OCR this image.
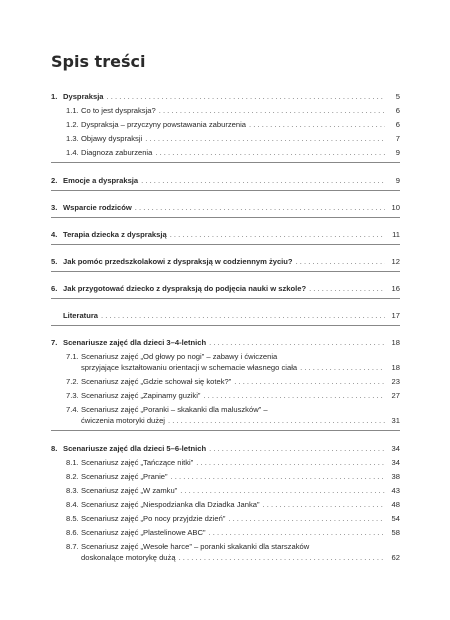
Spis treści
1. Dyspraksja . . .	5
1.1. Co to jest dyspraksja? . . .	6
1.2. Dyspraksja – przyczyny powstawania zaburzenia . . .	6
1.3. Objawy dyspraksji . . .	7
1.4. Diagnoza zaburzenia . . .	9
2. Emocje a dyspraksja . . .	9
3. Wsparcie rodziców . . .	10
4. Terapia dziecka z dyspraksją . . .	11
5. Jak pomóc przedszkolakowi z dyspraksją w codziennym życiu? . . .	12
6. Jak przygotować dziecko z dyspraksją do podjęcia nauki w szkole? . . .	16
Literatura . . .	17
7. Scenariusze zajęć dla dzieci 3–4-letnich . . .	18
7.1. Scenariusz zajęć „Od głowy po nogi” – zabawy i ćwiczenia
sprzyjające kształtowaniu orientacji w schemacie własnego ciała . . .	18
7.2. Scenariusz zajęć „Gdzie schował się kotek?” . . .	23
7.3. Scenariusz zajęć „Zapinamy guziki” . . .	27
7.4. Scenariusz zajęć „Poranki – skakanki dla maluszków” –
ćwiczenia motoryki dużej . . .	31
8. Scenariusze zajęć dla dzieci 5–6-letnich . . .	34
8.1. Scenariusz zajęć „Tańczące nitki” . . .	34
8.2. Scenariusz zajęć „Pranie” . . .	38
8.3. Scenariusz zajęć „W zamku” . . .	43
8.4. Scenariusz zajęć „Niespodzianka dla Dziadka Janka” . . .	48
8.5. Scenariusz zajęć „Po nocy przyjdzie dzień” . . .	54
8.6. Scenariusz zajęć „Plastelinowe ABC” . . .	58
8.7. Scenariusz zajęć „Wesołe harce” – poranki skakanki dla starszaków
doskonalące motorykę dużą . . .	62
